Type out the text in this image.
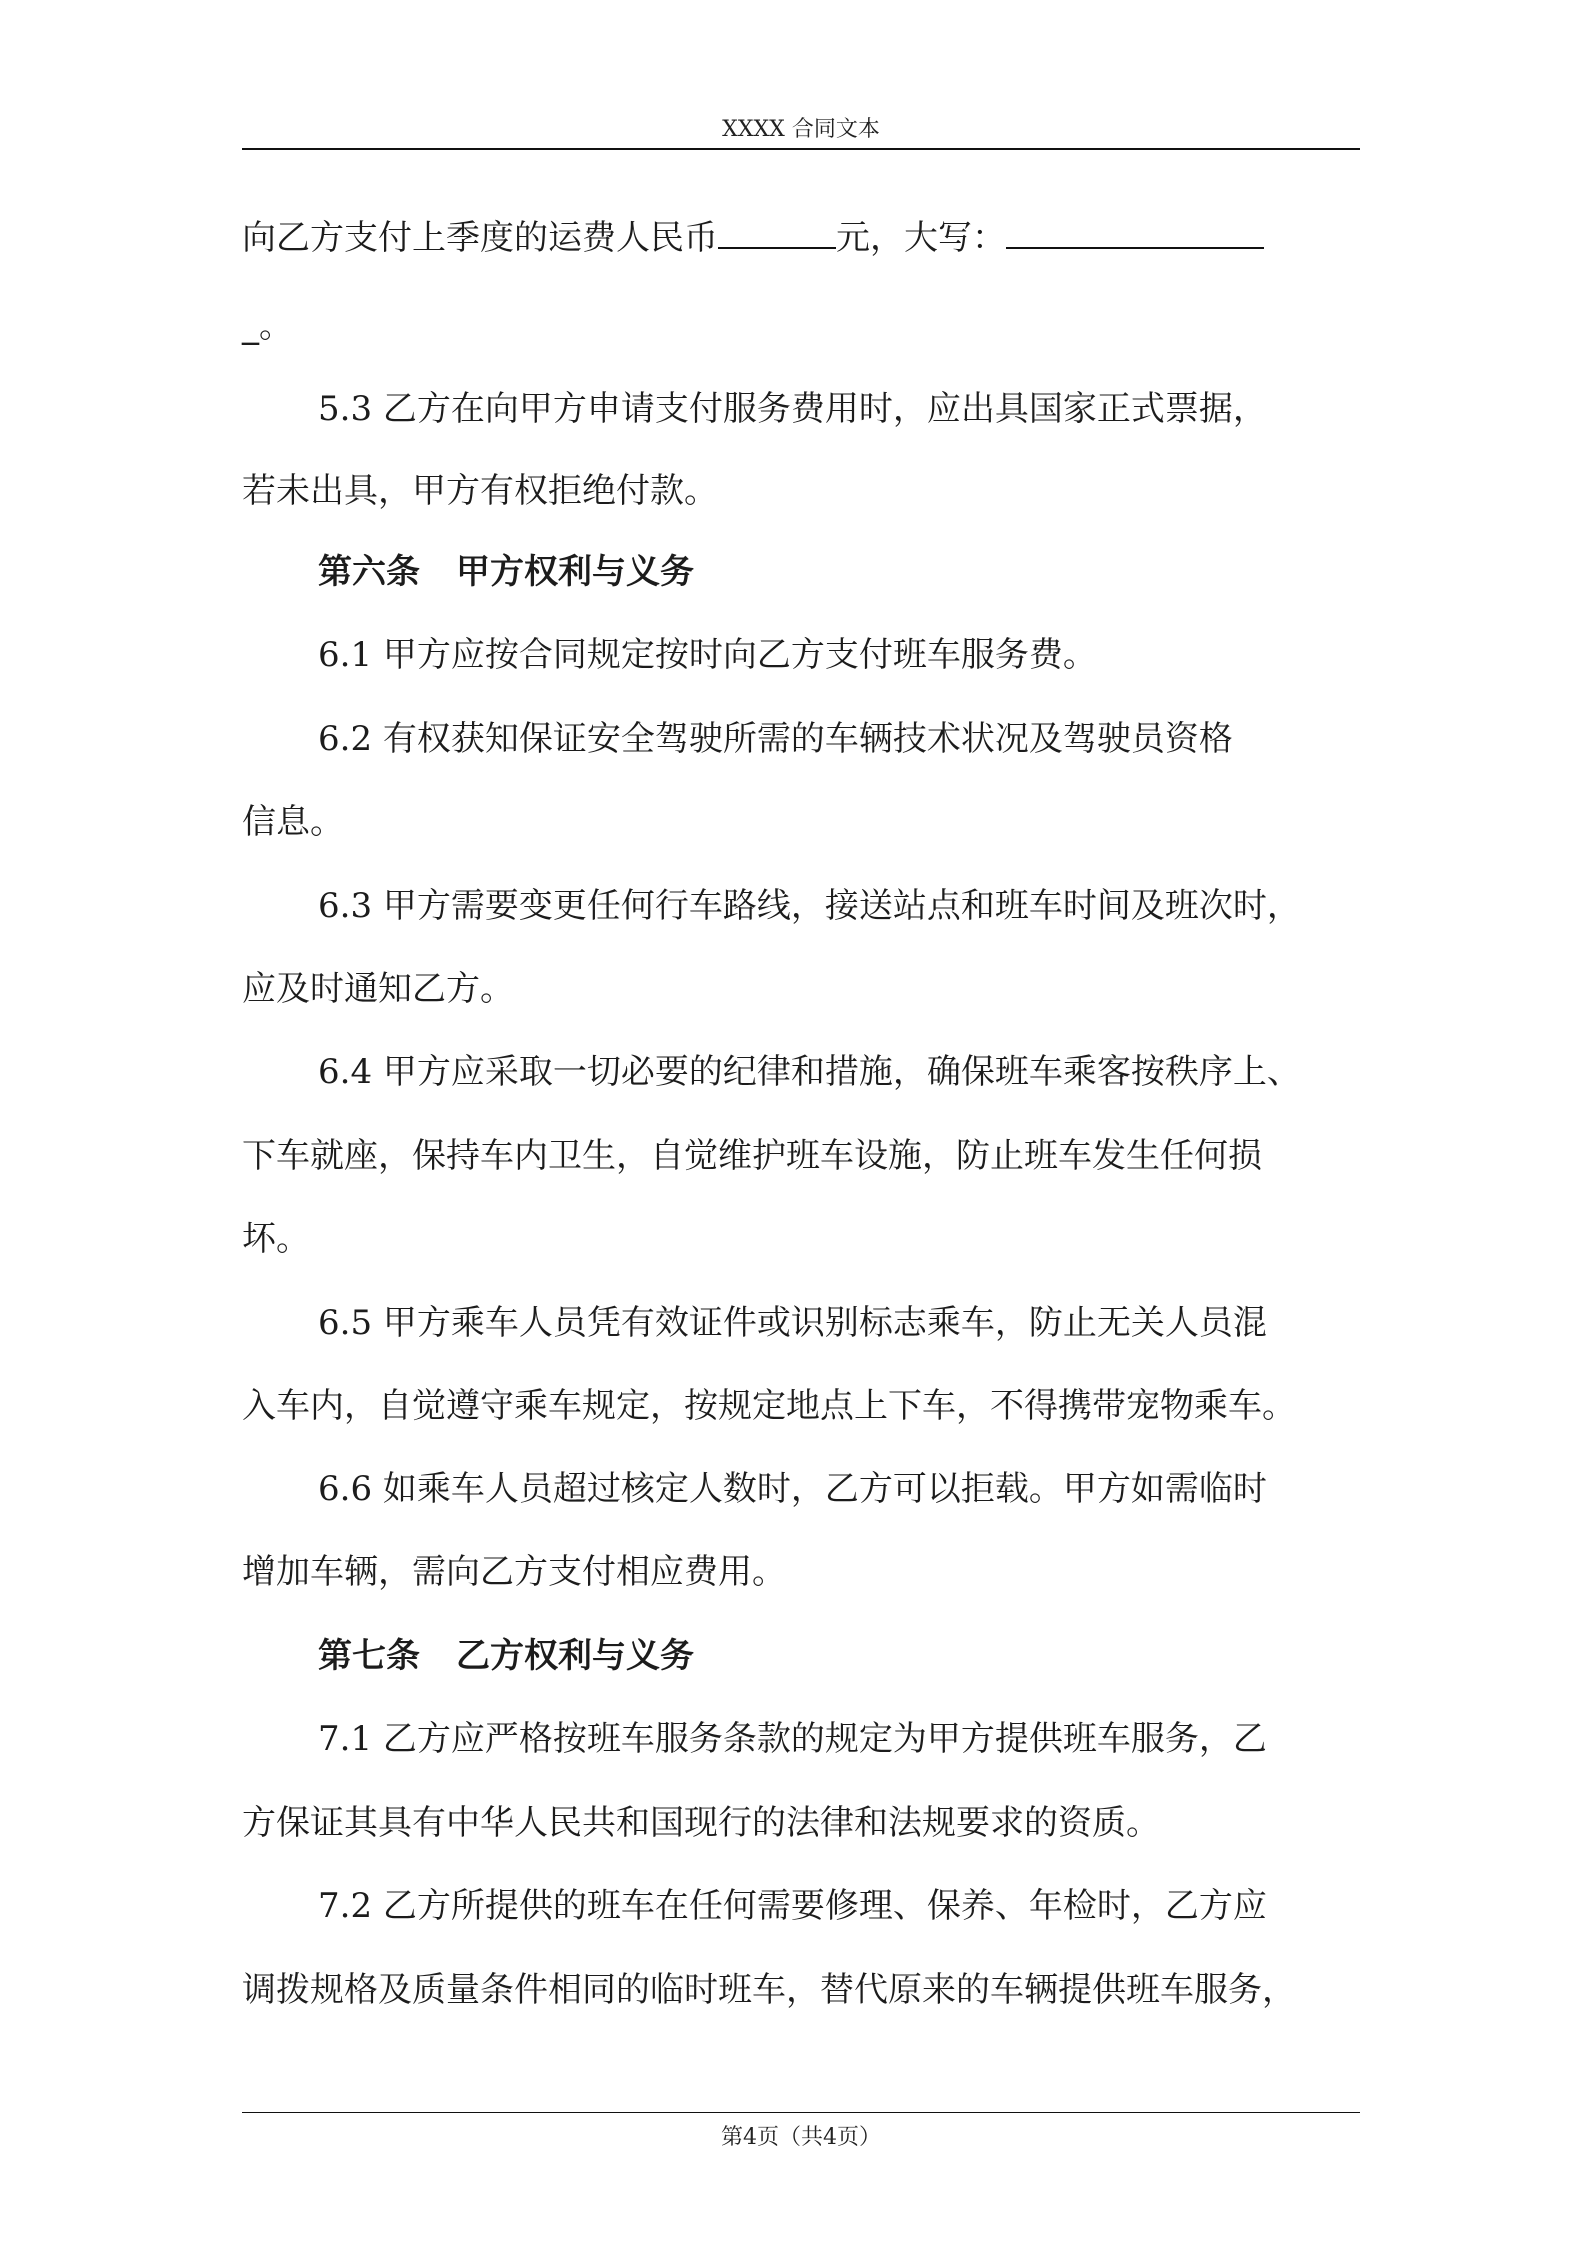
XXXX 合同文本
向乙方支付上季度的运费人民币	元，大写：
_。
5.3 乙方在向甲方申请支付服务费用时，应出具国家正式票据，
若未出具，甲方有权拒绝付款。
第六条 甲方权利与义务
6.1 甲方应按合同规定按时向乙方支付班车服务费。
6.2 有权获知保证安全驾驶所需的车辆技术状况及驾驶员资格
信息。
6.3 甲方需要变更任何行车路线，接送站点和班车时间及班次时，
应及时通知乙方。
6.4 甲方应采取一切必要的纪律和措施，确保班车乘客按秩序上、
下车就座，保持车内卫生，自觉维护班车设施，防止班车发生任何损
坏。
6.5 甲方乘车人员凭有效证件或识别标志乘车，防止无关人员混
入车内，自觉遵守乘车规定，按规定地点上下车，不得携带宠物乘车。
6.6 如乘车人员超过核定人数时，乙方可以拒载。甲方如需临时
增加车辆，需向乙方支付相应费用。
第七条 乙方权利与义务
7.1 乙方应严格按班车服务条款的规定为甲方提供班车服务，乙
方保证其具有中华人民共和国现行的法律和法规要求的资质。
7.2 乙方所提供的班车在任何需要修理、保养、年检时，乙方应
调拨规格及质量条件相同的临时班车，替代原来的车辆提供班车服务，
第4页（共4页）
